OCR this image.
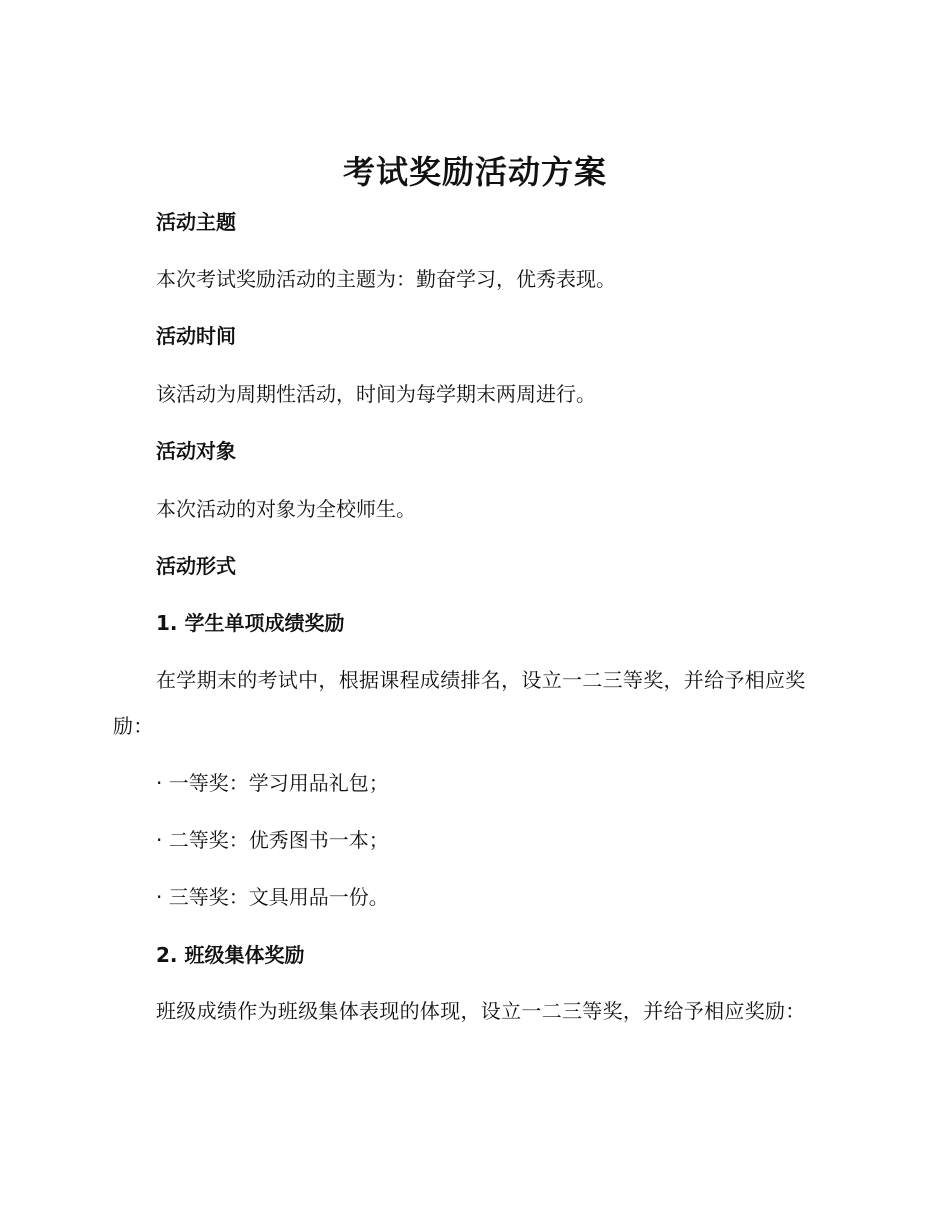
考试奖励活动方案
活动主题
本次考试奖励活动的主题为：勤奋学习，优秀表现。
活动时间
该活动为周期性活动，时间为每学期末两周进行。
活动对象
本次活动的对象为全校师生。
活动形式
1. 学生单项成绩奖励
在学期末的考试中，根据课程成绩排名，设立一二三等奖，并给予相应奖励：
· 一等奖：学习用品礼包；
· 二等奖：优秀图书一本；
· 三等奖：文具用品一份。
2. 班级集体奖励
班级成绩作为班级集体表现的体现，设立一二三等奖，并给予相应奖励：
